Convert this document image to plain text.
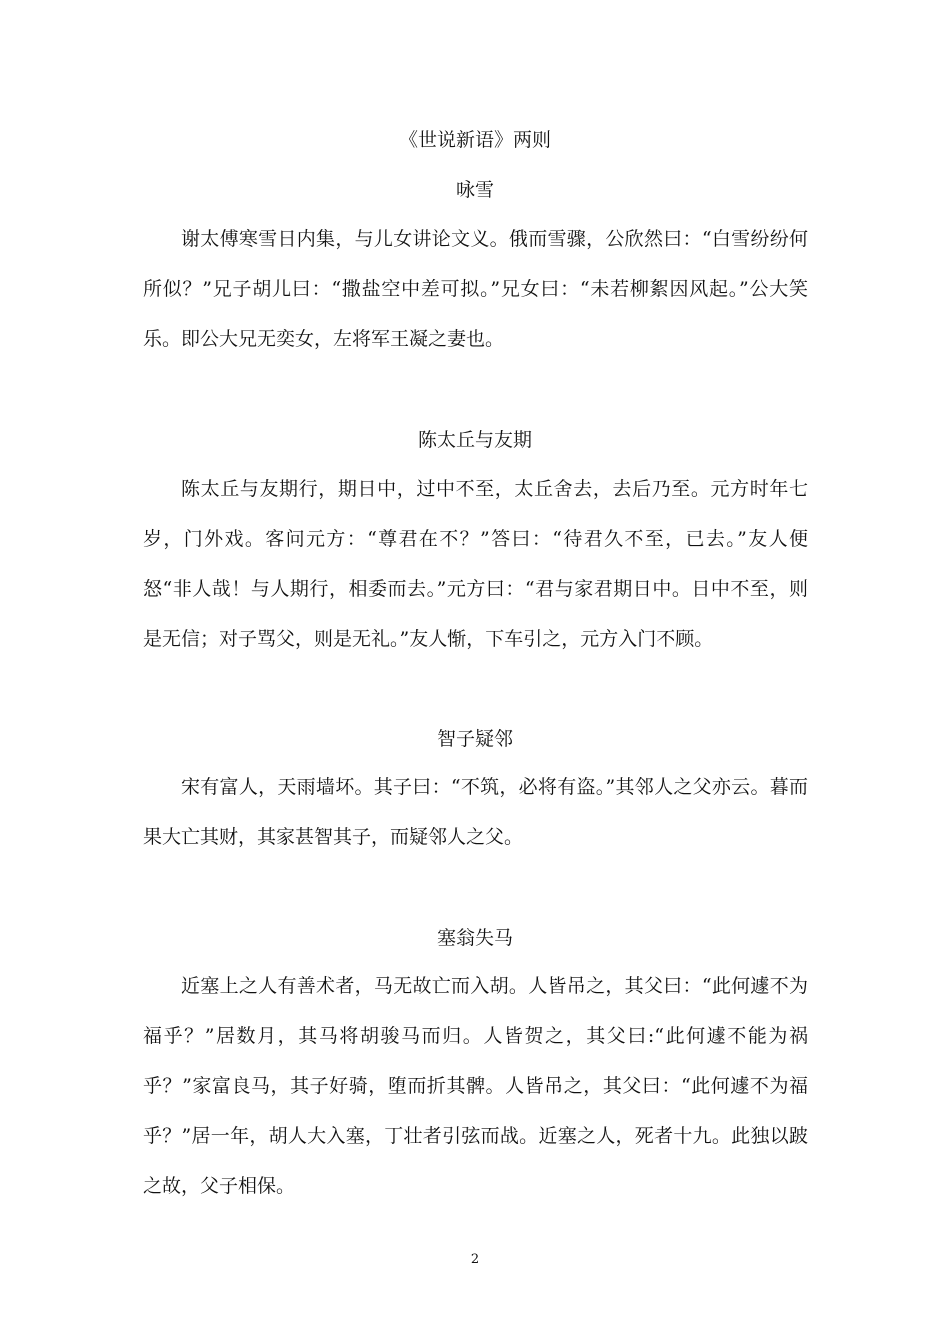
《世说新语》两则
咏雪
谢太傅寒雪日内集，与儿女讲论文义。俄而雪骤，公欣然曰：“白雪纷纷何所似？”兄子胡儿曰：“撒盐空中差可拟。”兄女曰：“未若柳絮因风起。”公大笑乐。即公大兄无奕女，左将军王凝之妻也。
陈太丘与友期
陈太丘与友期行，期日中，过中不至，太丘舍去，去后乃至。元方时年七岁，门外戏。客问元方：“尊君在不？”答曰：“待君久不至，已去。”友人便怒“非人哉！与人期行，相委而去。”元方曰：“君与家君期日中。日中不至，则是无信；对子骂父，则是无礼。”友人惭，下车引之，元方入门不顾。
智子疑邻
宋有富人，天雨墙坏。其子曰：“不筑，必将有盗。”其邻人之父亦云。暮而果大亡其财，其家甚智其子，而疑邻人之父。
塞翁失马
近塞上之人有善术者，马无故亡而入胡。人皆吊之，其父曰：“此何遽不为福乎？”居数月，其马将胡骏马而归。人皆贺之，其父曰:“此何遽不能为祸乎？”家富良马，其子好骑，堕而折其髀。人皆吊之，其父曰：“此何遽不为福乎？”居一年，胡人大入塞，丁壮者引弦而战。近塞之人，死者十九。此独以跛之故，父子相保。
2
